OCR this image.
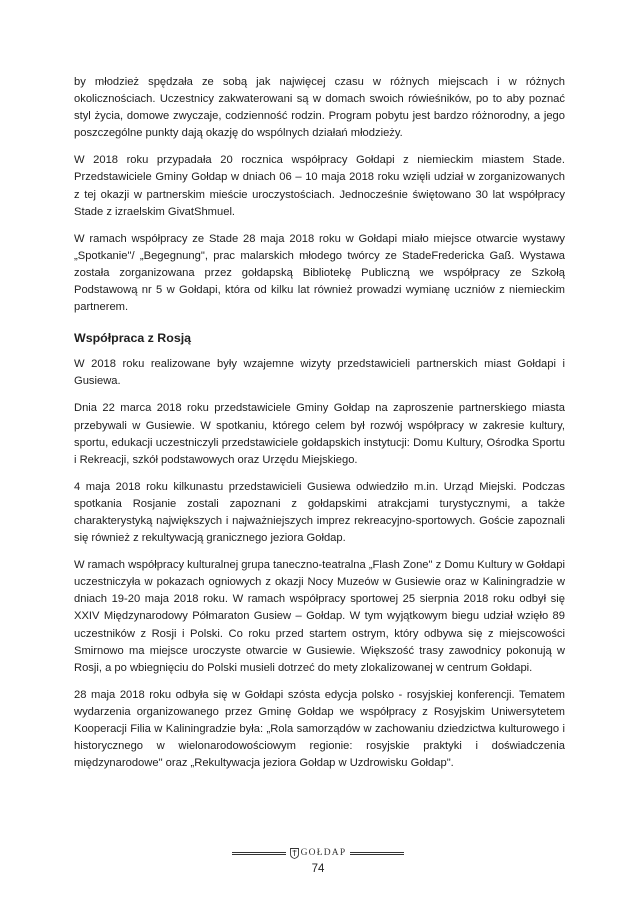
by młodzież spędzała ze sobą jak najwięcej czasu w różnych miejscach i w różnych okolicznościach. Uczestnicy zakwaterowani są w domach swoich rówieśników, po to aby poznać styl życia, domowe zwyczaje, codzienność rodzin. Program pobytu jest bardzo różnorodny, a jego poszczególne punkty dają okazję do wspólnych działań młodzieży.

W 2018 roku przypadała 20 rocznica współpracy Gołdapi z niemieckim miastem Stade. Przedstawiciele Gminy Gołdap w dniach 06 – 10 maja 2018 roku wzięli udział w zorganizowanych z tej okazji w partnerskim mieście uroczystościach. Jednocześnie świętowano 30 lat współpracy Stade z izraelskim GivatShmuel.

W ramach współpracy ze Stade 28 maja 2018 roku w Gołdapi miało miejsce otwarcie wystawy „Spotkanie"/ „Begegnung", prac malarskich młodego twórcy ze StadeFredericka Gaß. Wystawa została zorganizowana przez gołdapską Bibliotekę Publiczną we współpracy ze Szkołą Podstawową nr 5 w Gołdapi, która od kilku lat również prowadzi wymianę uczniów z niemieckim partnerem.

Współpraca z Rosją

W 2018 roku realizowane były wzajemne wizyty przedstawicieli partnerskich miast Gołdapi i Gusiewa.

Dnia 22 marca 2018 roku przedstawiciele Gminy Gołdap na zaproszenie partnerskiego miasta przebywali w Gusiewie. W spotkaniu, którego celem był rozwój współpracy w zakresie kultury, sportu, edukacji uczestniczyli przedstawiciele gołdapskich instytucji: Domu Kultury, Ośrodka Sportu i Rekreacji, szkół podstawowych oraz Urzędu Miejskiego.

4 maja 2018 roku kilkunastu przedstawicieli Gusiewa odwiedziło m.in. Urząd Miejski. Podczas spotkania Rosjanie zostali zapoznani z gołdapskimi atrakcjami turystycznymi, a także charakterystyką największych i najważniejszych imprez rekreacyjno-sportowych. Goście zapoznali się również z rekultywacją granicznego jeziora Gołdap.

W ramach współpracy kulturalnej grupa taneczno-teatralna „Flash Zone" z Domu Kultury w Gołdapi uczestniczyła w pokazach ogniowych z okazji Nocy Muzeów w Gusiewie oraz w Kaliningradzie w dniach 19-20 maja 2018 roku. W ramach współpracy sportowej 25 sierpnia 2018 roku odbył się XXIV Międzynarodowy Półmaraton Gusiew – Gołdap. W tym wyjątkowym biegu udział wzięło 89 uczestników z Rosji i Polski. Co roku przed startem ostrym, który odbywa się z miejscowości Smirnowo ma miejsce uroczyste otwarcie w Gusiewie. Większość trasy zawodnicy pokonują w Rosji, a po wbiegnięciu do Polski musieli dotrzeć do mety zlokalizowanej w centrum Gołdapi.

28 maja 2018 roku odbyła się w Gołdapi szósta edycja polsko - rosyjskiej konferencji. Tematem wydarzenia organizowanego przez Gminę Gołdap we współpracy z Rosyjskim Uniwersytetem Kooperacji Filia w Kaliningradzie była: „Rola samorządów w zachowaniu dziedzictwa kulturowego i historycznego w wielonarodowościowym regionie: rosyjskie praktyki i doświadczenia międzynarodowe" oraz „Rekultywacja jeziora Gołdap w Uzdrowisku Gołdap".

GOŁDAP
74
